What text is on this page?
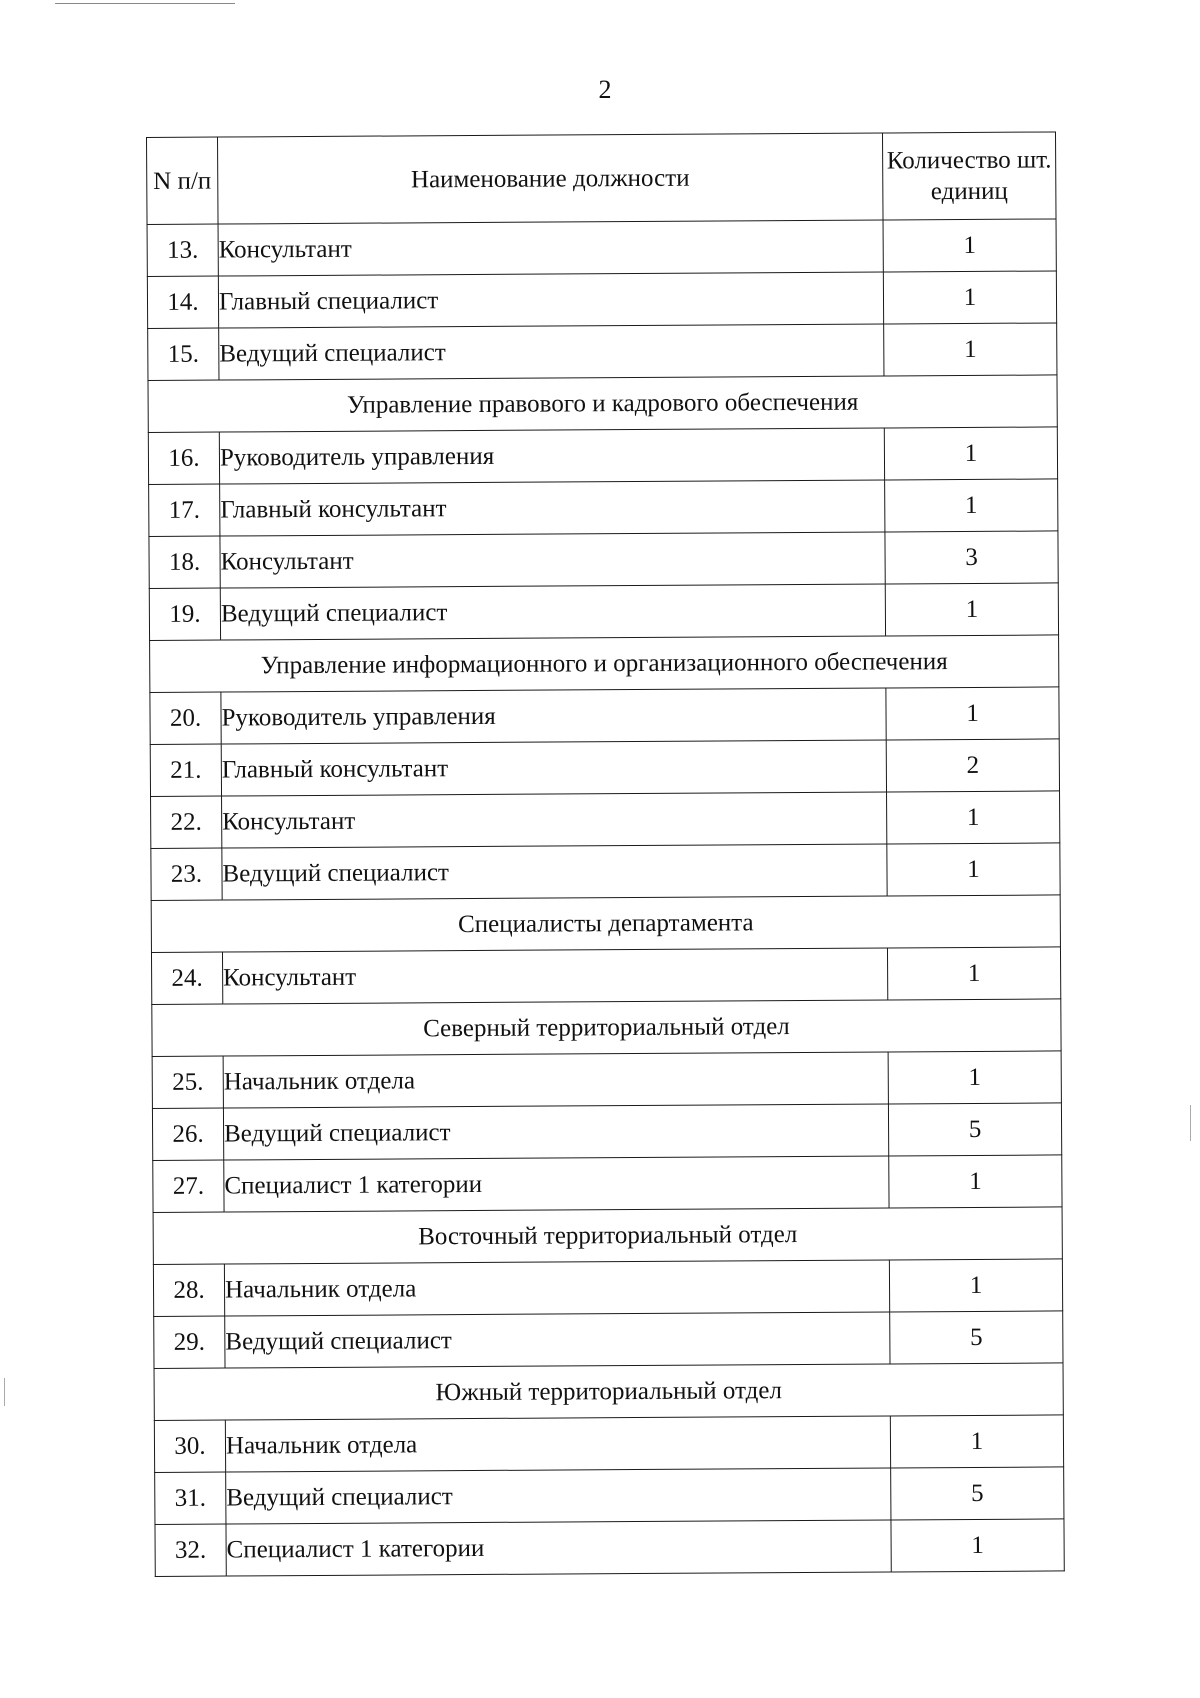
2
N п/п	Наименование должности	Количество шт. единиц
13.	Консультант	1
14.	Главный специалист	1
15.	Ведущий специалист	1
Управление правового и кадрового обеспечения		
16.	Руководитель управления	1
17.	Главный консультант	1
18.	Консультант	3
19.	Ведущий специалист	1
Управление информационного и организационного обеспечения		
20.	Руководитель управления	1
21.	Главный консультант	2
22.	Консультант	1
23.	Ведущий специалист	1
Специалисты департамента		
24.	Консультант	1
Северный территориальный отдел		
25.	Начальник отдела	1
26.	Ведущий специалист	5
27.	Специалист 1 категории	1
Восточный территориальный отдел		
28.	Начальник отдела	1
29.	Ведущий специалист	5
Южный территориальный отдел		
30.	Начальник отдела	1
31.	Ведущий специалист	5
32.	Специалист 1 категории	1
